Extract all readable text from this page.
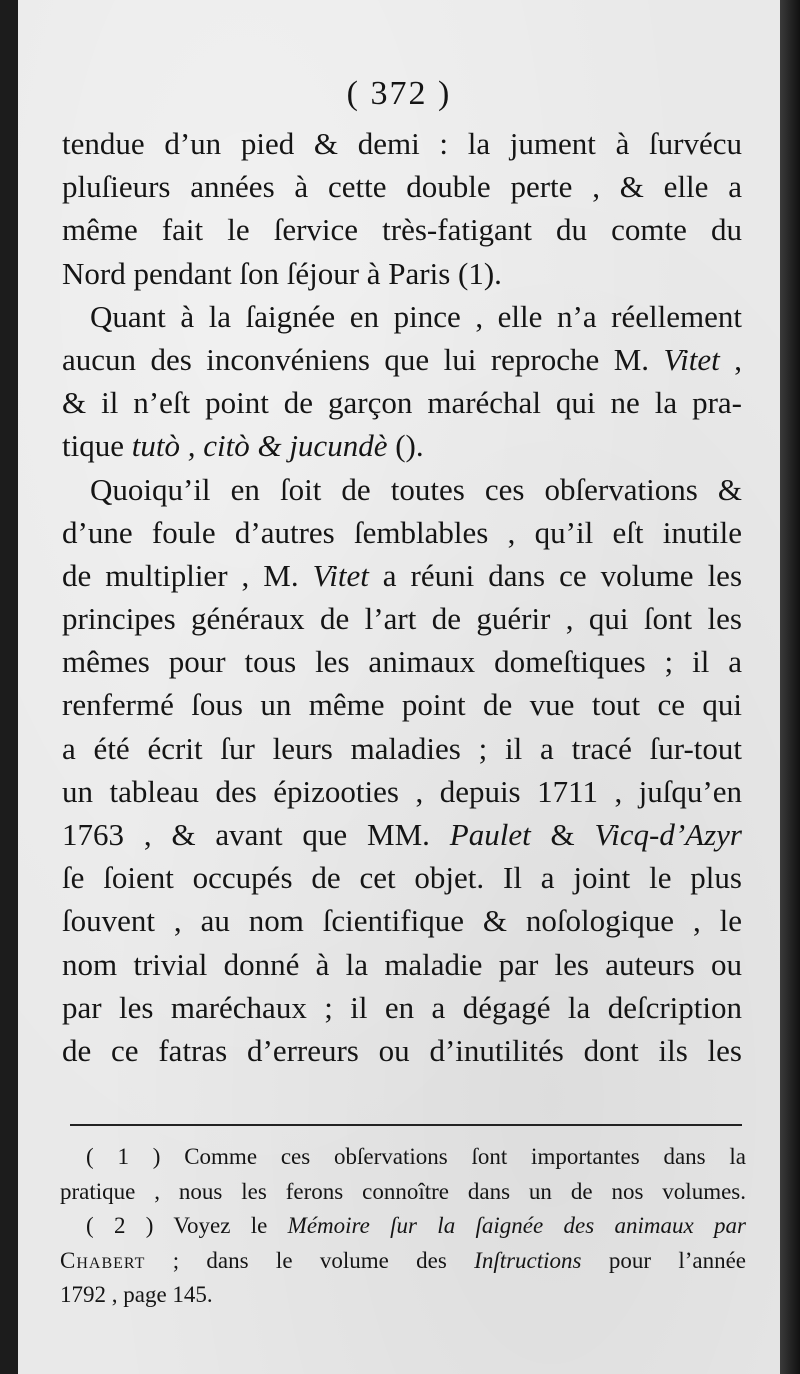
( 372 )
tendue d’un pied & demi : la jument à ſurvécu
pluſieurs années à cette double perte , & elle a
même fait le ſervice très-fatigant du comte du
Nord pendant ſon ſéjour à Paris (1).
Quant à la ſaignée en pince , elle n’a réellement
aucun des inconvéniens que lui reproche M. Vitet ,
& il n’eſt point de garçon maréchal qui ne la pra-
tique tutò , citò & jucundè ().
Quoiqu’il en ſoit de toutes ces obſervations &
d’une foule d’autres ſemblables , qu’il eſt inutile
de multiplier , M. Vitet a réuni dans ce volume les
principes généraux de l’art de guérir , qui ſont les
mêmes pour tous les animaux domeſtiques ; il a
renfermé ſous un même point de vue tout ce qui
a été écrit ſur leurs maladies ; il a tracé ſur-tout
un tableau des épizooties , depuis 1711 , juſqu’en
1763 , & avant que MM. Paulet & Vicq-d’Azyr
ſe ſoient occupés de cet objet. Il a joint le plus
ſouvent , au nom ſcientifique & noſologique , le
nom trivial donné à la maladie par les auteurs ou
par les maréchaux ; il en a dégagé la deſcription
de ce fatras d’erreurs ou d’inutilités dont ils les
( 1 ) Comme ces obſervations ſont importantes dans la
pratique , nous les ferons connoître dans un de nos volumes.
( 2 ) Voyez le Mémoire ſur la ſaignée des animaux par
Chabert ; dans le volume des Inſtructions pour l’année
1792 , page 145.
